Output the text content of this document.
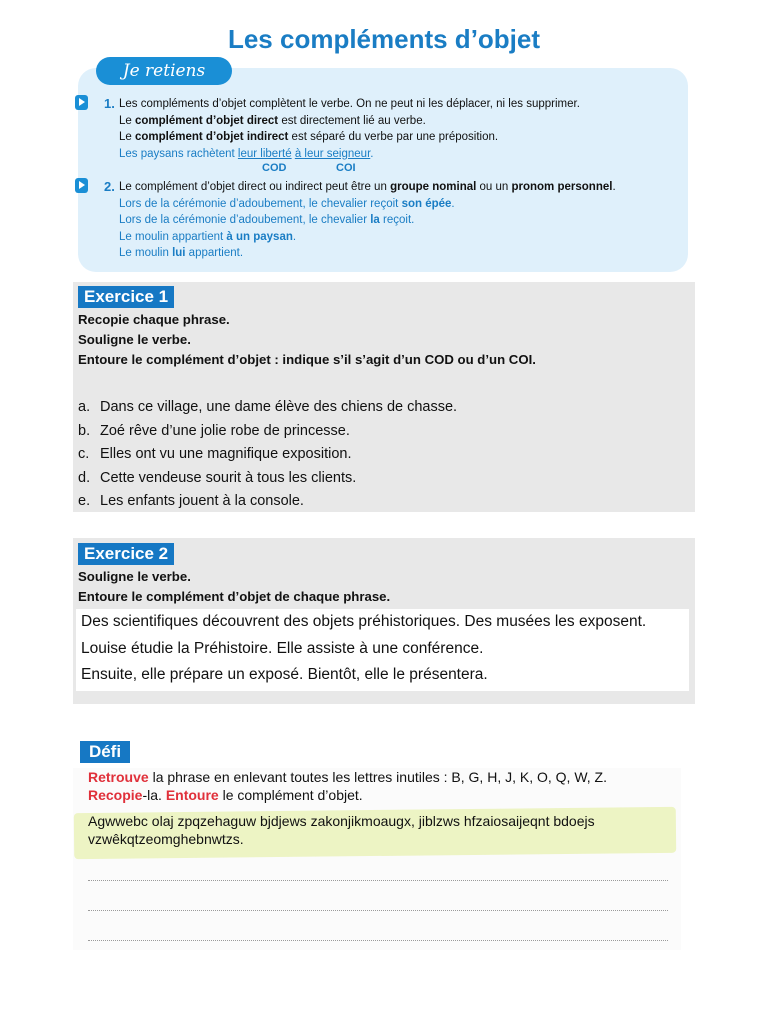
Les compléments d’objet
Je retiens
1. Les compléments d’objet complètent le verbe. On ne peut ni les déplacer, ni les supprimer.
Le complément d’objet direct est directement lié au verbe.
Le complément d’objet indirect est séparé du verbe par une préposition.
Les paysans rachètent leur liberté à leur seigneur.
COD	COI
2. Le complément d’objet direct ou indirect peut être un groupe nominal ou un pronom personnel.
Lors de la cérémonie d’adoubement, le chevalier reçoit son épée.
Lors de la cérémonie d’adoubement, le chevalier la reçoit.
Le moulin appartient à un paysan.
Le moulin lui appartient.
Exercice 1
Recopie chaque phrase.
Souligne le verbe.
Entoure le complément d’objet : indique s’il s’agit d’un COD ou d’un COI.
a. Dans ce village, une dame élève des chiens de chasse.
b. Zoé rêve d’une jolie robe de princesse.
c. Elles ont vu une magnifique exposition.
d. Cette vendeuse sourit à tous les clients.
e. Les enfants jouent à la console.
Exercice 2
Souligne le verbe.
Entoure le complément d’objet de chaque phrase.
Des scientifiques découvrent des objets préhistoriques. Des musées les exposent.
Louise étudie la Préhistoire. Elle assiste à une conférence.
Ensuite, elle prépare un exposé. Bientôt, elle le présentera.
Défi
Retrouve la phrase en enlevant toutes les lettres inutiles : B, G, H, J, K, O, Q, W, Z.
Recopie-la. Entoure le complément d’objet.
Agwwebc olaj zpqzehaguw bjdjews zakonjikmoaugx, jiblzws hfzaiosaijeqnt bdoejs
vzwêkqtzeomghebnwtzs.
